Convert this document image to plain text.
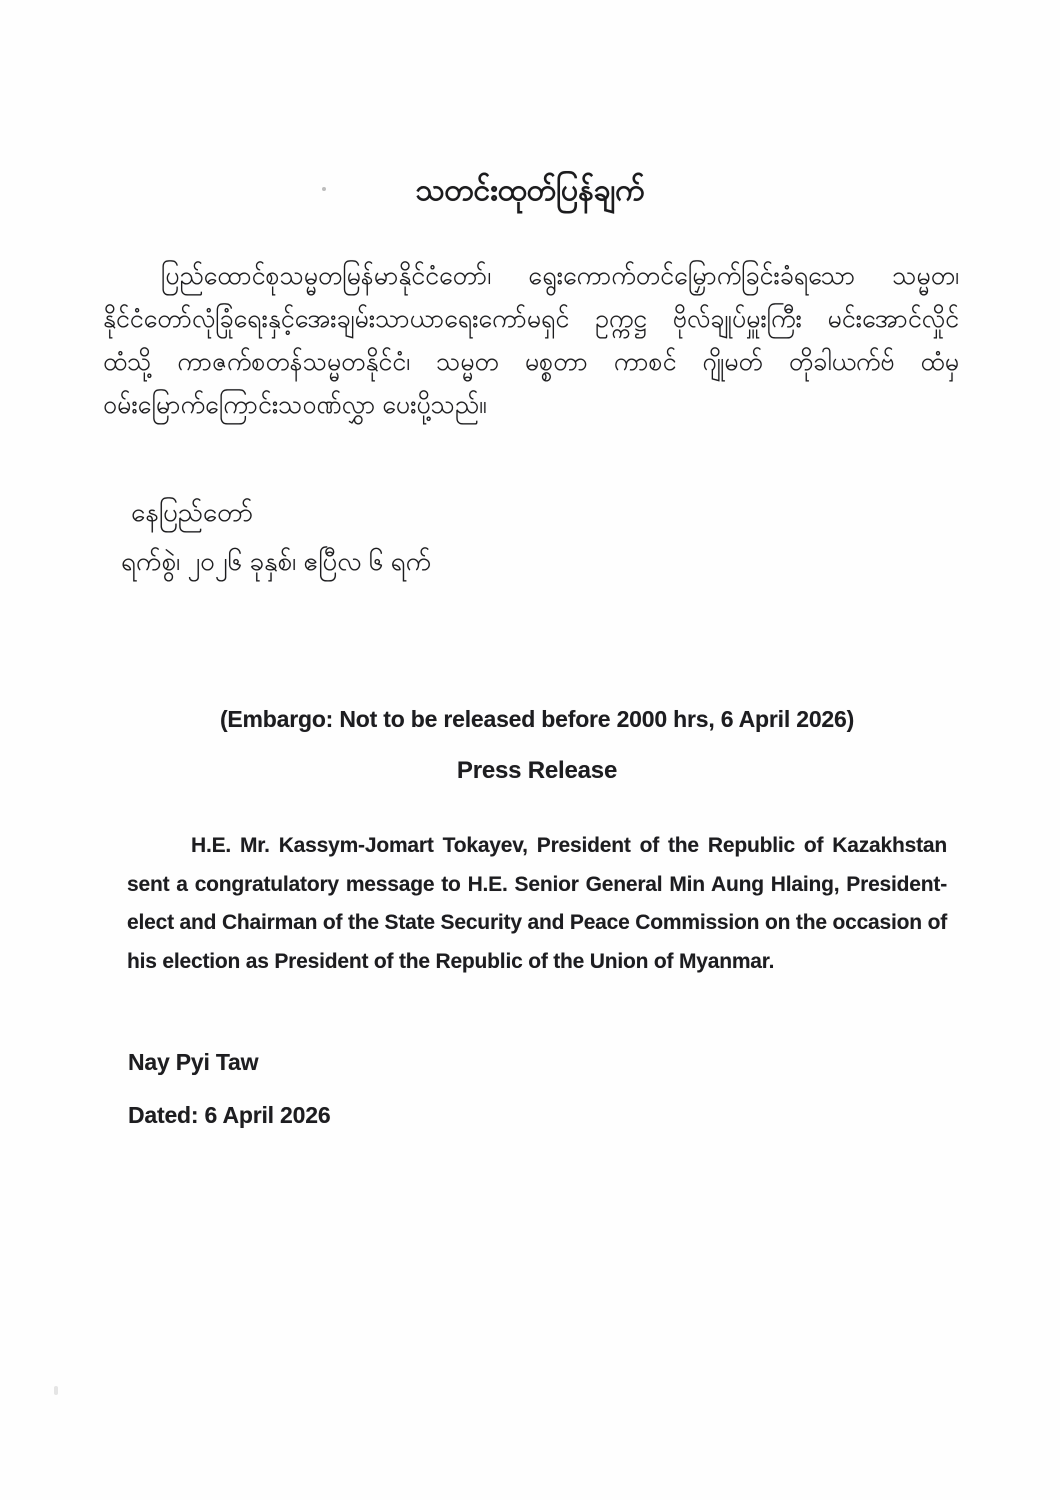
သတင်းထုတ်ပြန်ချက်
ပြည်ထောင်စုသမ္မတမြန်မာနိုင်ငံတော်၊ ရွေးကောက်တင်မြှောက်ခြင်းခံရသော သမ္မတ၊
နိုင်ငံတော်လုံခြုံရေးနှင့်အေးချမ်းသာယာရေးကော်မရှင် ဥက္ကဋ္ဌ ဗိုလ်ချုပ်မှူးကြီး မင်းအောင်လှိုင်
ထံသို့ ကာဇက်စတန်သမ္မတနိုင်ငံ၊ သမ္မတ မစ္စတာ ကာစင် ဂျိုမတ် တိုခါယက်ဗ် ထံမှ
ဝမ်းမြောက်ကြောင်းသဝဏ်လွှာ ပေးပို့သည်။
နေပြည်တော်
ရက်စွဲ၊ ၂၀၂၆ ခုနှစ်၊ ဧပြီလ ၆ ရက်
(Embargo: Not to be released before 2000 hrs, 6 April 2026)
Press Release
H.E. Mr. Kassym-Jomart Tokayev, President of the Republic of Kazakhstan
sent a congratulatory message to H.E. Senior General Min Aung Hlaing, President-
elect and Chairman of the State Security and Peace Commission on the occasion of
his election as President of the Republic of the Union of Myanmar.
Nay Pyi Taw
Dated: 6 April 2026
